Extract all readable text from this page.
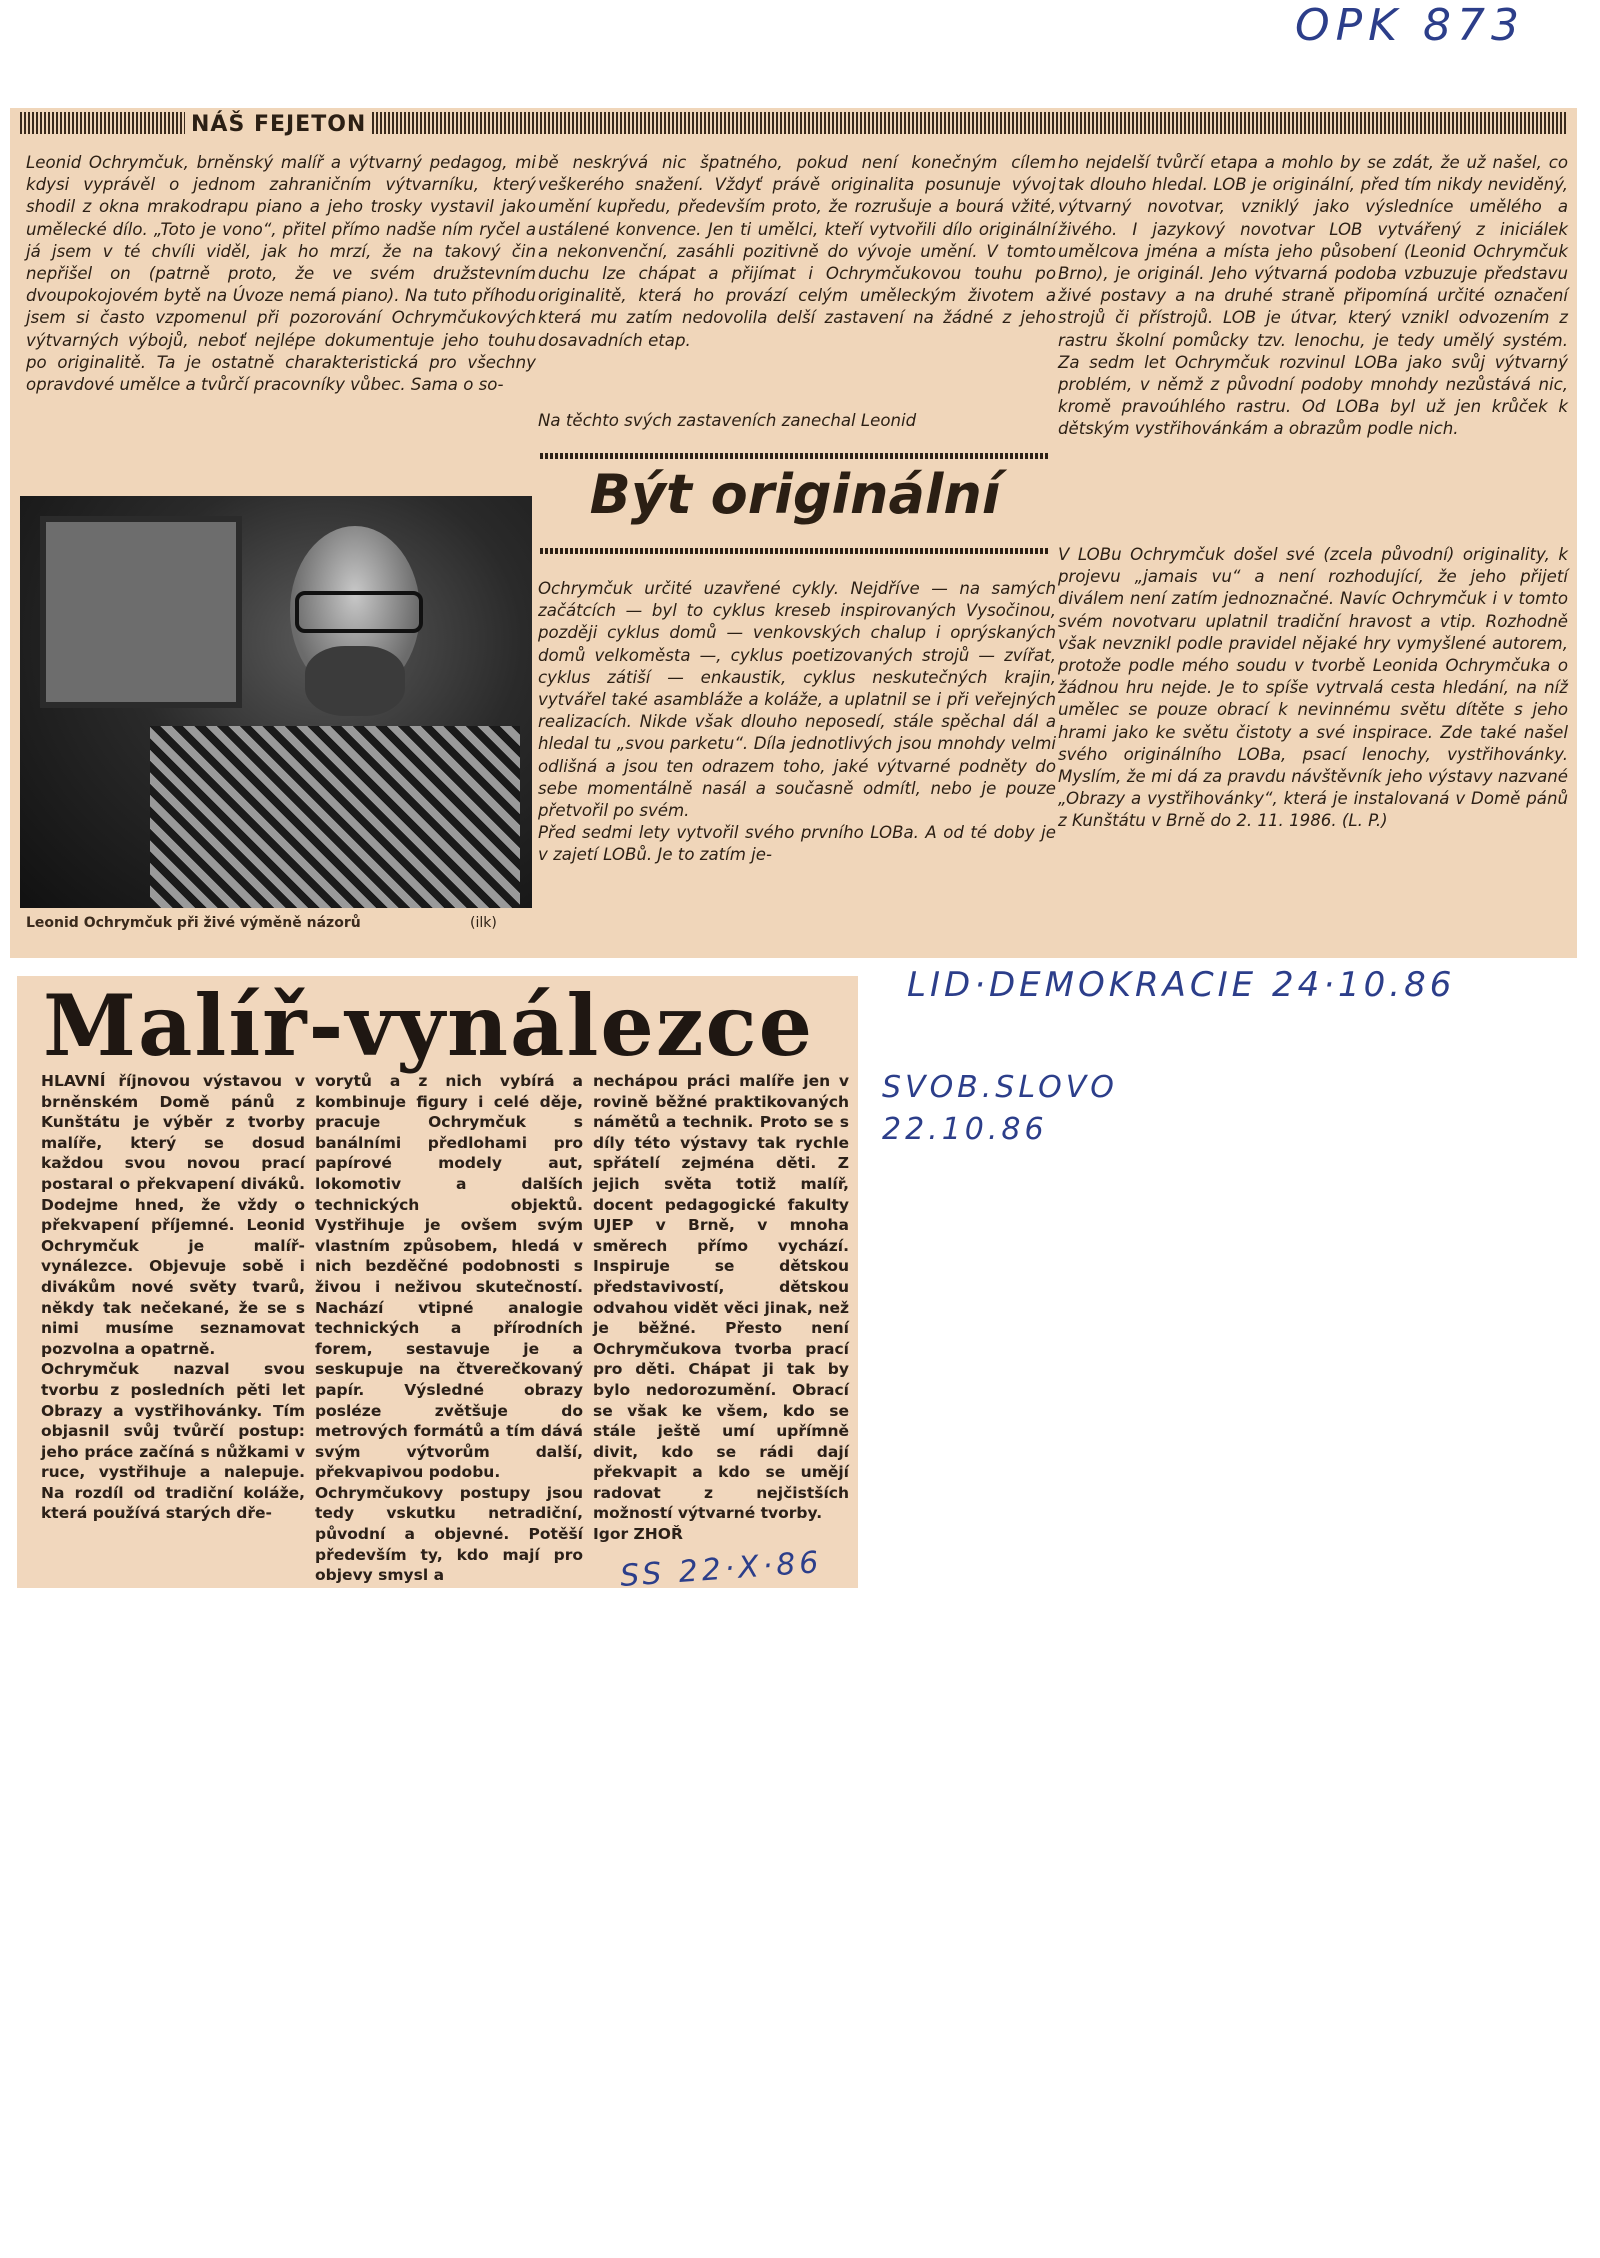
OPK 873
NÁŠ FEJETON
Leonid Ochrymčuk, brněnský malíř a výtvarný pedagog, mi kdysi vyprávěl o jednom zahraničním výtvarníku, který shodil z okna mrakodrapu piano a jeho trosky vystavil jako umělecké dílo. „Toto je vono“, přitel přímo nadše ním ryčel a já jsem v té chvíli viděl, jak ho mrzí, že na takový čin nepřišel on (patrně proto, že ve svém družstevním dvoupokojovém bytě na Úvoze nemá piano). Na tuto příhodu jsem si často vzpomenul při pozorování Ochrymčukových výtvarných výbojů, neboť nejlépe dokumentuje jeho touhu po originalitě. Ta je ostatně charakteristická pro všechny opravdové umělce a tvůrčí pracovníky vůbec. Sama o so-
Leonid Ochrymčuk při živé výměně názorů	(ilk)
bě neskrývá nic špatného, pokud není konečným cílem veškerého snažení. Vždyť právě originalita posunuje vývoj umění kupředu, především proto, že rozrušuje a bourá vžité, ustálené konvence. Jen ti umělci, kteří vytvořili dílo originální a nekonvenční, zasáhli pozitivně do vývoje umění. V tomto duchu lze chápat a přijímat i Ochrymčukovou touhu po originalitě, která ho provází celým uměleckým životem a která mu zatím nedovolila delší zastavení na žádné z jeho dosavadních etap.
Na těchto svých zastaveních zanechal Leonid
Být originální
Ochrymčuk určité uzavřené cykly. Nejdříve — na samých začátcích — byl to cyklus kreseb inspirovaných Vysočinou, později cyklus domů — venkovských chalup i oprýskaných domů velkoměsta —, cyklus poetizovaných strojů — zvířat, cyklus zátiší — enkaustik, cyklus neskutečných krajin, vytvářel také asambláže a koláže, a uplatnil se i při veřejných realizacích. Nikde však dlouho neposedí, stále spěchal dál a hledal tu „svou parketu“. Díla jednotlivých jsou mnohdy velmi odlišná a jsou ten odrazem toho, jaké výtvarné podněty do sebe momentálně nasál a současně odmítl, nebo je pouze přetvořil po svém.
Před sedmi lety vytvořil svého prvního LOBa. A od té doby je v zajetí LOBů. Je to zatím je-
ho nejdelší tvůrčí etapa a mohlo by se zdát, že už našel, co tak dlouho hledal. LOB je originální, před tím nikdy neviděný, výtvarný novotvar, vzniklý jako výsledníce umělého a živého. I jazykový novotvar LOB vytvářený z iniciálek umělcova jména a místa jeho působení (Leonid Ochrymčuk Brno), je originál. Jeho výtvarná podoba vzbuzuje představu živé postavy a na druhé straně připomíná určité označení strojů či přístrojů. LOB je útvar, který vznikl odvozením z rastru školní pomůcky tzv. lenochu, je tedy umělý systém. Za sedm let Ochrymčuk rozvinul LOBa jako svůj výtvarný problém, v němž z původní podoby mnohdy nezůstává nic, kromě pravoúhlého rastru. Od LOBa byl už jen krůček k dětským vystřihovánkám a obrazům podle nich.
V LOBu Ochrymčuk došel své (zcela původní) originality, k projevu „jamais vu“ a není rozhodující, že jeho přijetí diválem není zatím jednoznačné. Navíc Ochrymčuk i v tomto svém novotvaru uplatnil tradiční hravost a vtip. Rozhodně však nevznikl podle pravidel nějaké hry vymyšlené autorem, protože podle mého soudu v tvorbě Leonida Ochrymčuka o žádnou hru nejde. Je to spíše vytrvalá cesta hledání, na níž umělec se pouze obrací k nevinnému světu dítěte s jeho hrami jako ke světu čistoty a své inspirace. Zde také našel svého originálního LOBa, psací lenochy, vystřihovánky. Myslím, že mi dá za pravdu návštěvník jeho výstavy nazvané „Obrazy a vystřihovánky“, která je instalovaná v Domě pánů z Kunštátu v Brně do 2. 11. 1986. (L. P.)
Malíř-vynálezce
HLAVNÍ říjnovou výstavou v brněnském Domě pánů z Kunštátu je výběr z tvorby malíře, který se dosud každou svou novou prací postaral o překvapení diváků. Dodejme hned, že vždy o překvapení příjemné. Leonid Ochrymčuk je malíř-vynálezce. Objevuje sobě i divákům nové světy tvarů, někdy tak nečekané, že se s nimi musíme seznamovat pozvolna a opatrně.
Ochrymčuk nazval svou tvorbu z posledních pěti let Obrazy a vystřihovánky. Tím objasnil svůj tvůrčí postup: jeho práce začíná s nůžkami v ruce, vystřihuje a nalepuje. Na rozdíl od tradiční koláže, která používá starých dře-
vorytů a z nich vybírá a kombinuje figury i celé děje, pracuje Ochrymčuk s banálními předlohami pro papírové modely aut, lokomotiv a dalších technických objektů. Vystřihuje je ovšem svým vlastním způsobem, hledá v nich bezděčné podobnosti s živou i neživou skutečností. Nachází vtipné analogie technických a přírodních forem, sestavuje je a seskupuje na čtverečkovaný papír. Výsledné obrazy posléze zvětšuje do metrových formátů a tím dává svým výtvorům další, překvapivou podobu.
Ochrymčukovy postupy jsou tedy vskutku netradiční, původní a objevné. Potěší především ty, kdo mají pro objevy smysl a
nechápou práci malíře jen v rovině běžné praktikovaných námětů a technik. Proto se s díly této výstavy tak rychle spřátelí zejména děti. Z jejich světa totiž malíř, docent pedagogické fakulty UJEP v Brně, v mnoha směrech přímo vychází. Inspiruje se dětskou představivostí, dětskou odvahou vidět věci jinak, než je běžné. Přesto není Ochrymčukova tvorba prací pro děti. Chápat ji tak by bylo nedorozumění. Obrací se však ke všem, kdo se stále ještě umí upřímně divit, kdo se rádi dají překvapit a kdo se umějí radovat z nejčistších možností výtvarné tvorby.
Igor ZHOŘ
LID·DEMOKRACIE 24·10.86
SVOB.SLOVO
22.10.86
SS 22·X·86
